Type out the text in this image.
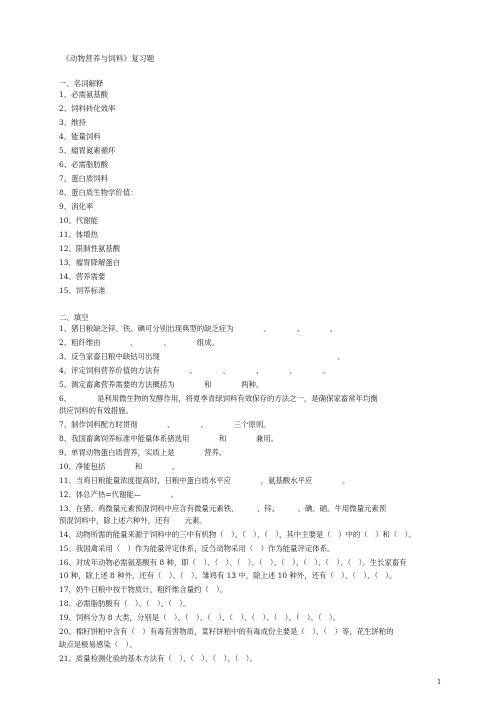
《动物营养与饲料》复习题
一、名词解释
1、必需氨基酸
2、饲料转化效率
3、维持
4、能量饲料
5、瘤胃氮素循环
6、必需脂肪酸
7、蛋白质饲料
8、蛋白质生物学价值：
9、消化率
10、代谢能
11、体增热
12、限制性氨基酸
13、瘤胃降解蛋白
14、营养需要
15、饲养标准
二、填空
1、猪日粮缺乏锌、铁、碘可分别出现典型的缺乏症为　　　　、　　　　、　　　　。
2、粗纤维由　　　　、　　　　、　　　　组成。
3、反刍家畜日粮中缺钴可出现　　　　　　　　　　　　　　　　　　　　　　　　。
4、评定饲料营养价值的方法有　　　　、　　　　、　　　　、　　　　、　　　　。
5、测定畜禽营养需要的方法概括为　　　　和　　　　两种。
6、　　　　是利用微生物的发酵作用，将夏季青绿饲料有效保存的方法之一，是确保家畜常年均衡
供应饲料的有效措施。
7、制作饲料配方时贯彻　　　　、　　　　、　　　　三个原则。
8、我国畜禽饲养标准中能量体系猪选用　　　　和　　　　兼用。
9、单胃动物蛋白质营养，实质上是　　　　营养。
10、净能包括　　　　和　　　　。
11、当鸡日粮能量浓度提高时，日粮中蛋白质水平应　　　　，氨基酸水平应　　　　。
12、体总产热=代谢能—　　　　。
13、在猪、鸡微量元素预混饲料中应含有微量元素铁、　　　、锌、　　　、碘、硒。牛用微量元素预
预混饲料中，除上述六种外，还有　　元素。
14、动物所需的能量来源于饲料中的三中有机物（　）、（　）、（　），其中主要是（　）中的（　）和（　）。
15、我国禽采用（　）作为能量评定体系，反刍动物采用（　）作为能量评定体系。
16、对成年动物必需氨基酸有 8 种，即（　）、（　）、（　）、（　）、（　）、（　）、（　）、（　）。生长家畜有
10 种，除上述 8 种外，还有（　）、（　）。雏鸡有 13 中，除上述 10 种外，还有（　）、（　）、（　）。
17、奶牛日粮中按干物质计，粗纤维含量约（　）。
18、必需脂肪酸有（　）、（　）、（　）。
19、饲料分为 8 大类，分别是（　）、（　）、（　）、（　）、（　）、（　）、（　）、（　）。
20、棉籽饼粕中含有（　）有毒有害物质，菜籽饼粕中的有毒成份主要是（　）、（　）等，花生饼粕的
缺点是极易感染（　）。
21、质量检测化验的基本方法有（　）、（　）、（　）、（　）。
1
